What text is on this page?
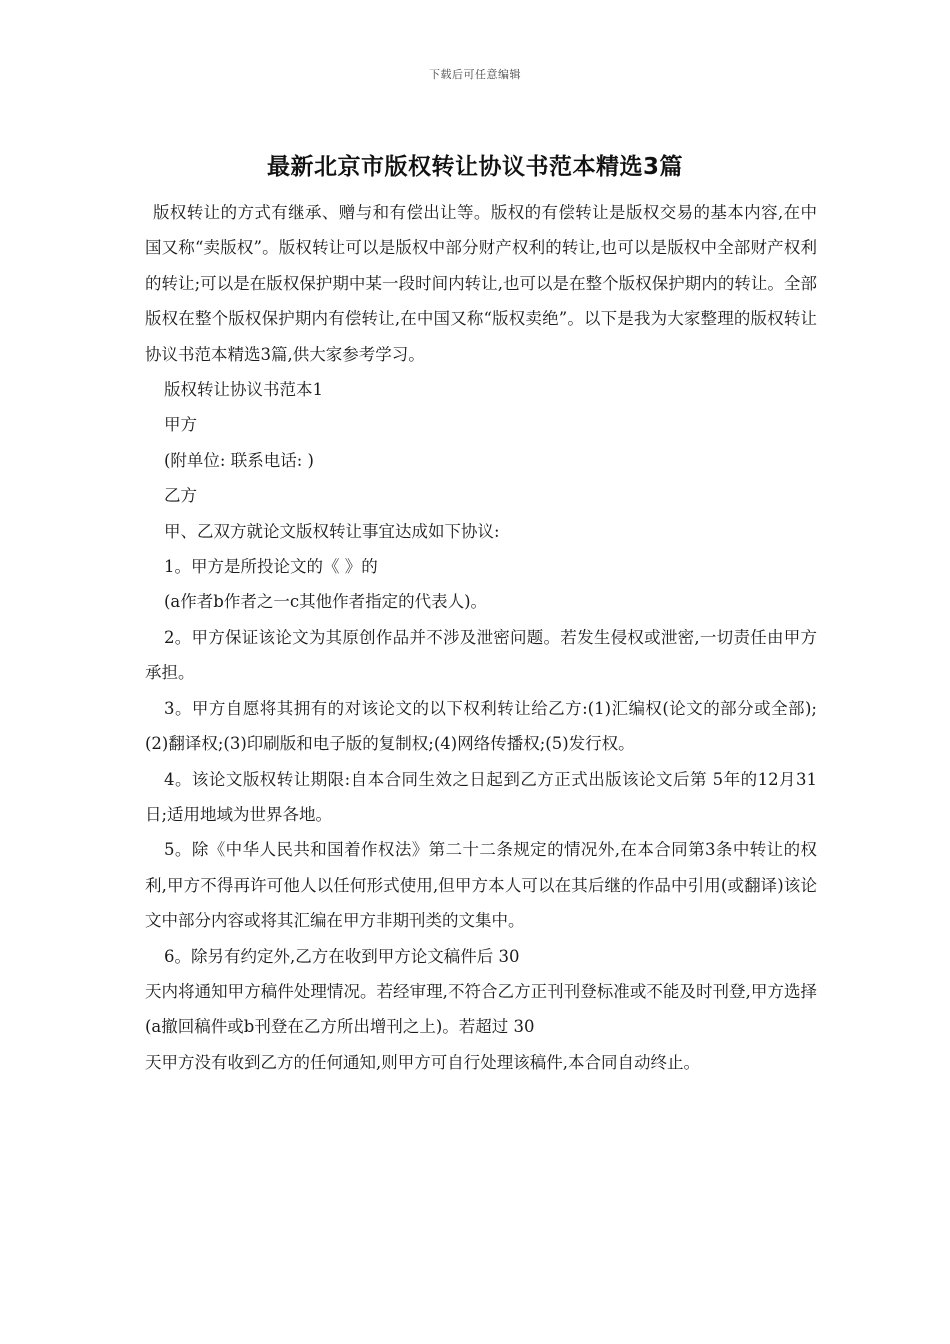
下载后可任意编辑
最新北京市版权转让协议书范本精选3篇

版权转让的方式有继承、赠与和有偿出让等。版权的有偿转让是版权交易的基本内容,在中国又称“卖版权”。版权转让可以是版权中部分财产权利的转让,也可以是版权中全部财产权利的转让;可以是在版权保护期中某一段时间内转让,也可以是在整个版权保护期内的转让。全部版权在整个版权保护期内有偿转让,在中国又称“版权卖绝”。以下是我为大家整理的版权转让协议书范本精选3篇,供大家参考学习。

版权转让协议书范本1

甲方

(附单位: 联系电话: )

乙方

甲、乙双方就论文版权转让事宜达成如下协议:

1。甲方是所投论文的《 》的

(a作者b作者之一c其他作者指定的代表人)。

2。甲方保证该论文为其原创作品并不涉及泄密问题。若发生侵权或泄密,一切责任由甲方承担。

3。甲方自愿将其拥有的对该论文的以下权利转让给乙方:(1)汇编权(论文的部分或全部);(2)翻译权;(3)印刷版和电子版的复制权;(4)网络传播权;(5)发行权。

4。该论文版权转让期限:自本合同生效之日起到乙方正式出版该论文后第 5年的12月31日;适用地域为世界各地。

5。除《中华人民共和国着作权法》第二十二条规定的情况外,在本合同第3条中转让的权利,甲方不得再许可他人以任何形式使用,但甲方本人可以在其后继的作品中引用(或翻译)该论文中部分内容或将其汇编在甲方非期刊类的文集中。

6。除另有约定外,乙方在收到甲方论文稿件后 30

天内将通知甲方稿件处理情况。若经审理,不符合乙方正刊刊登标准或不能及时刊登,甲方选择(a撤回稿件或b刊登在乙方所出增刊之上)。若超过 30

天甲方没有收到乙方的任何通知,则甲方可自行处理该稿件,本合同自动终止。
